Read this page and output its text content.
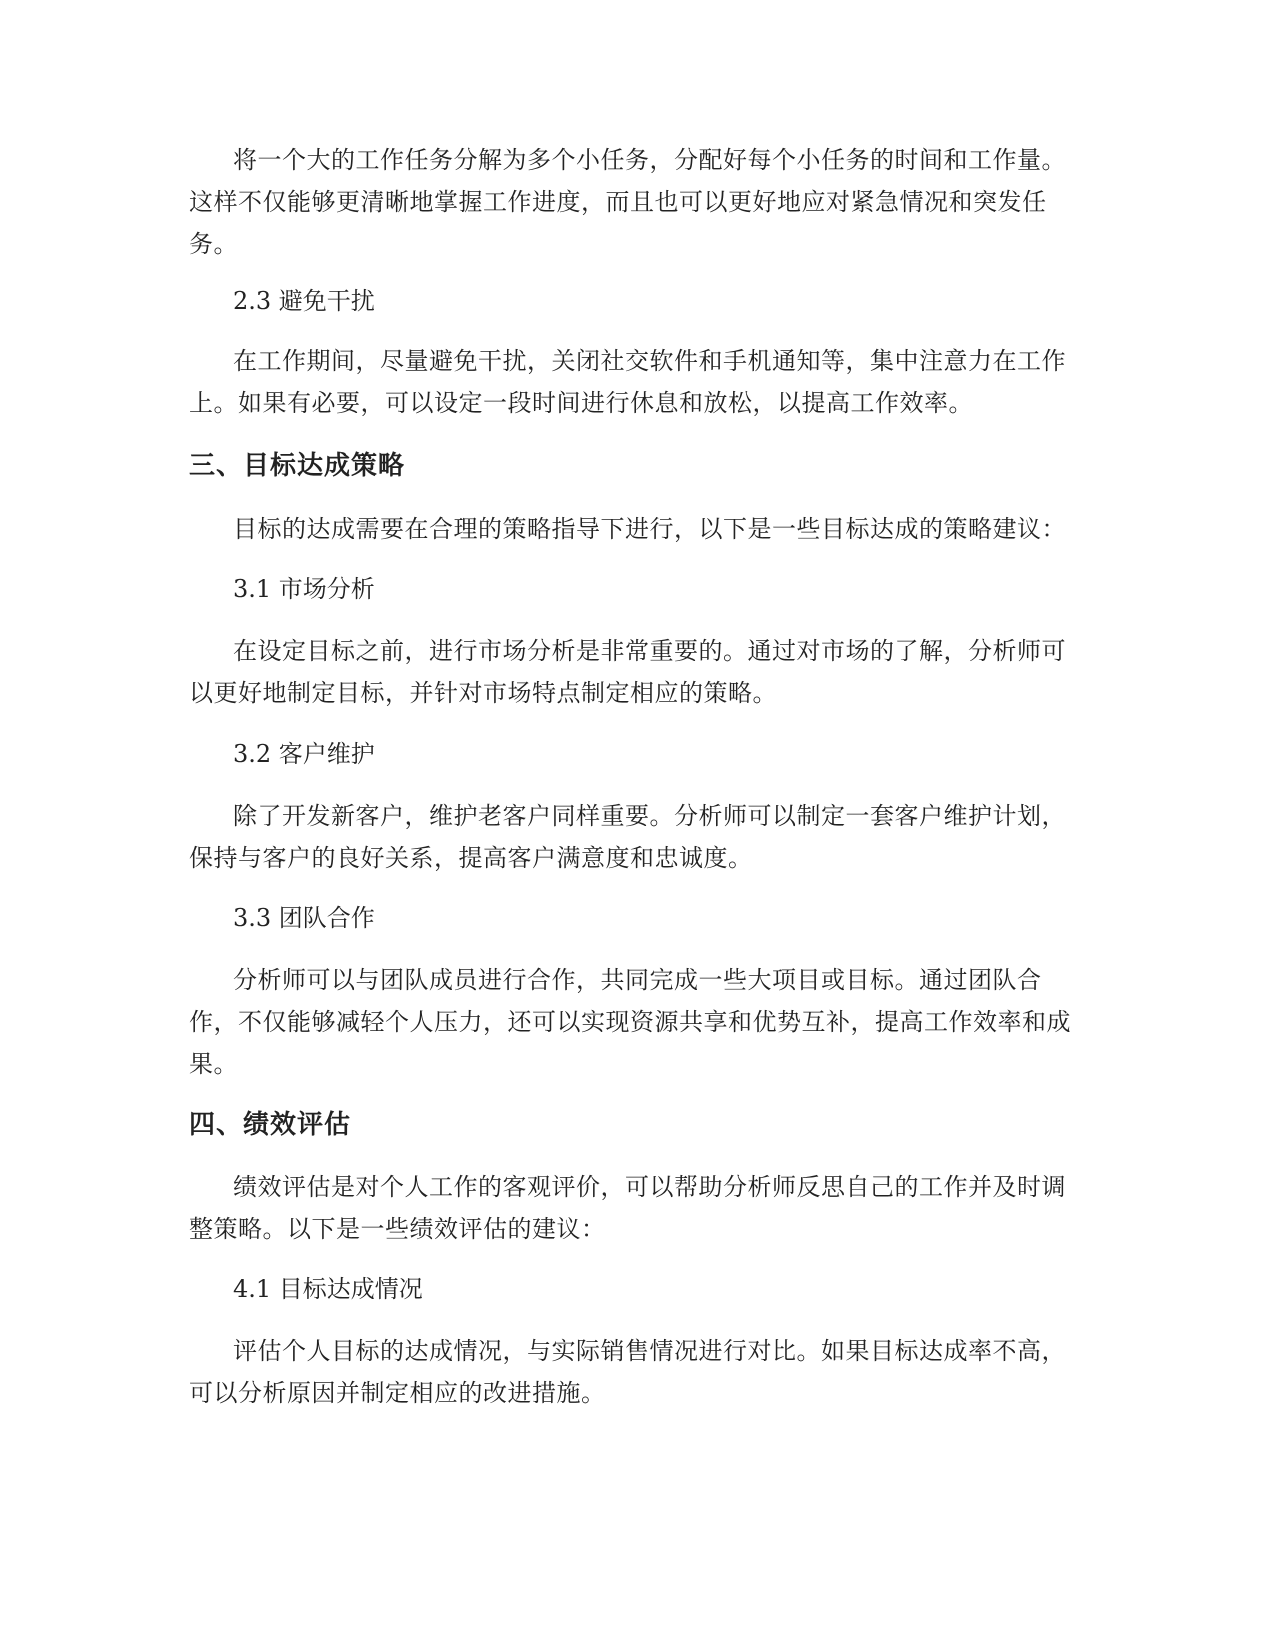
将一个大的工作任务分解为多个小任务，分配好每个小任务的时间和工作量。这样不仅能够更清晰地掌握工作进度，而且也可以更好地应对紧急情况和突发任务。

2.3 避免干扰

在工作期间，尽量避免干扰，关闭社交软件和手机通知等，集中注意力在工作上。如果有必要，可以设定一段时间进行休息和放松，以提高工作效率。

三、目标达成策略

目标的达成需要在合理的策略指导下进行，以下是一些目标达成的策略建议：

3.1 市场分析

在设定目标之前，进行市场分析是非常重要的。通过对市场的了解，分析师可以更好地制定目标，并针对市场特点制定相应的策略。

3.2 客户维护

除了开发新客户，维护老客户同样重要。分析师可以制定一套客户维护计划，保持与客户的良好关系，提高客户满意度和忠诚度。

3.3 团队合作

分析师可以与团队成员进行合作，共同完成一些大项目或目标。通过团队合作，不仅能够减轻个人压力，还可以实现资源共享和优势互补，提高工作效率和成果。

四、绩效评估

绩效评估是对个人工作的客观评价，可以帮助分析师反思自己的工作并及时调整策略。以下是一些绩效评估的建议：

4.1 目标达成情况

评估个人目标的达成情况，与实际销售情况进行对比。如果目标达成率不高，可以分析原因并制定相应的改进措施。
